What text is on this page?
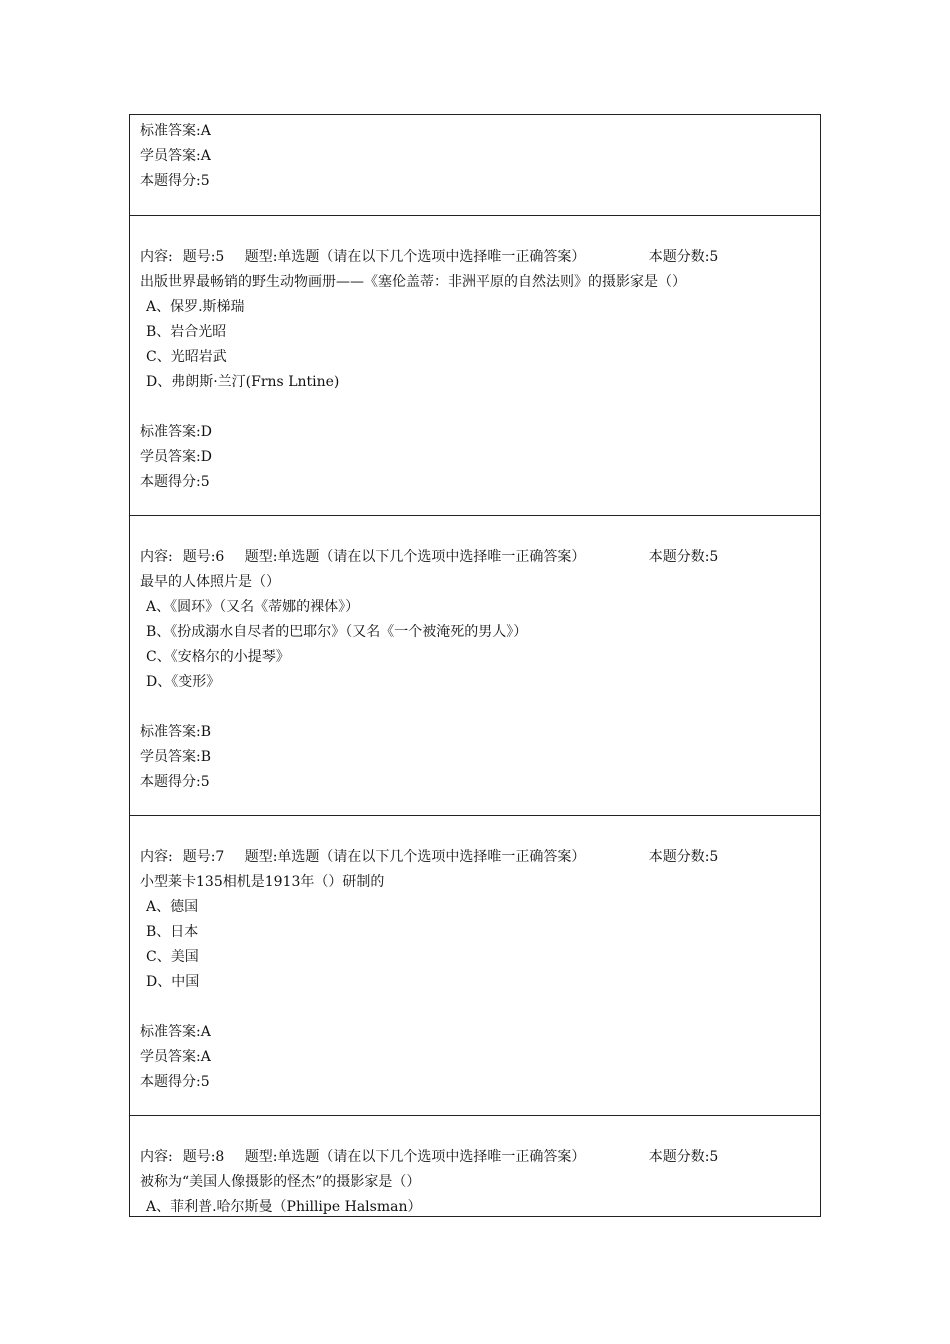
标准答案:A
学员答案:A
本题得分:5

题号:5 题型:单选题（请在以下几个选项中选择唯一正确答案）	本题分数:5

内容:
出版世界最畅销的野生动物画册——《塞伦盖蒂：非洲平原的自然法则》的摄影家是（）
A、保罗.斯梯瑞
B、岩合光昭
C、光昭岩武
D、弗朗斯·兰汀(Frns Lntine)
标准答案:D
学员答案:D
本题得分:5

题号:6 题型:单选题（请在以下几个选项中选择唯一正确答案）	本题分数:5

内容:
最早的人体照片是（）
A、《圆环》（又名《蒂娜的裸体》）
B、《扮成溺水自尽者的巴耶尔》（又名《一个被淹死的男人》）
C、《安格尔的小提琴》
D、《变形》
标准答案:B
学员答案:B
本题得分:5

题号:7 题型:单选题（请在以下几个选项中选择唯一正确答案）	本题分数:5

内容:
小型莱卡135相机是1913年（）研制的
A、德国
B、日本
C、美国
D、中国
标准答案:A
学员答案:A
本题得分:5

题号:8 题型:单选题（请在以下几个选项中选择唯一正确答案）	本题分数:5

内容:
被称为“美国人像摄影的怪杰”的摄影家是（）
A、菲利普.哈尔斯曼（Phillipe Halsman）
